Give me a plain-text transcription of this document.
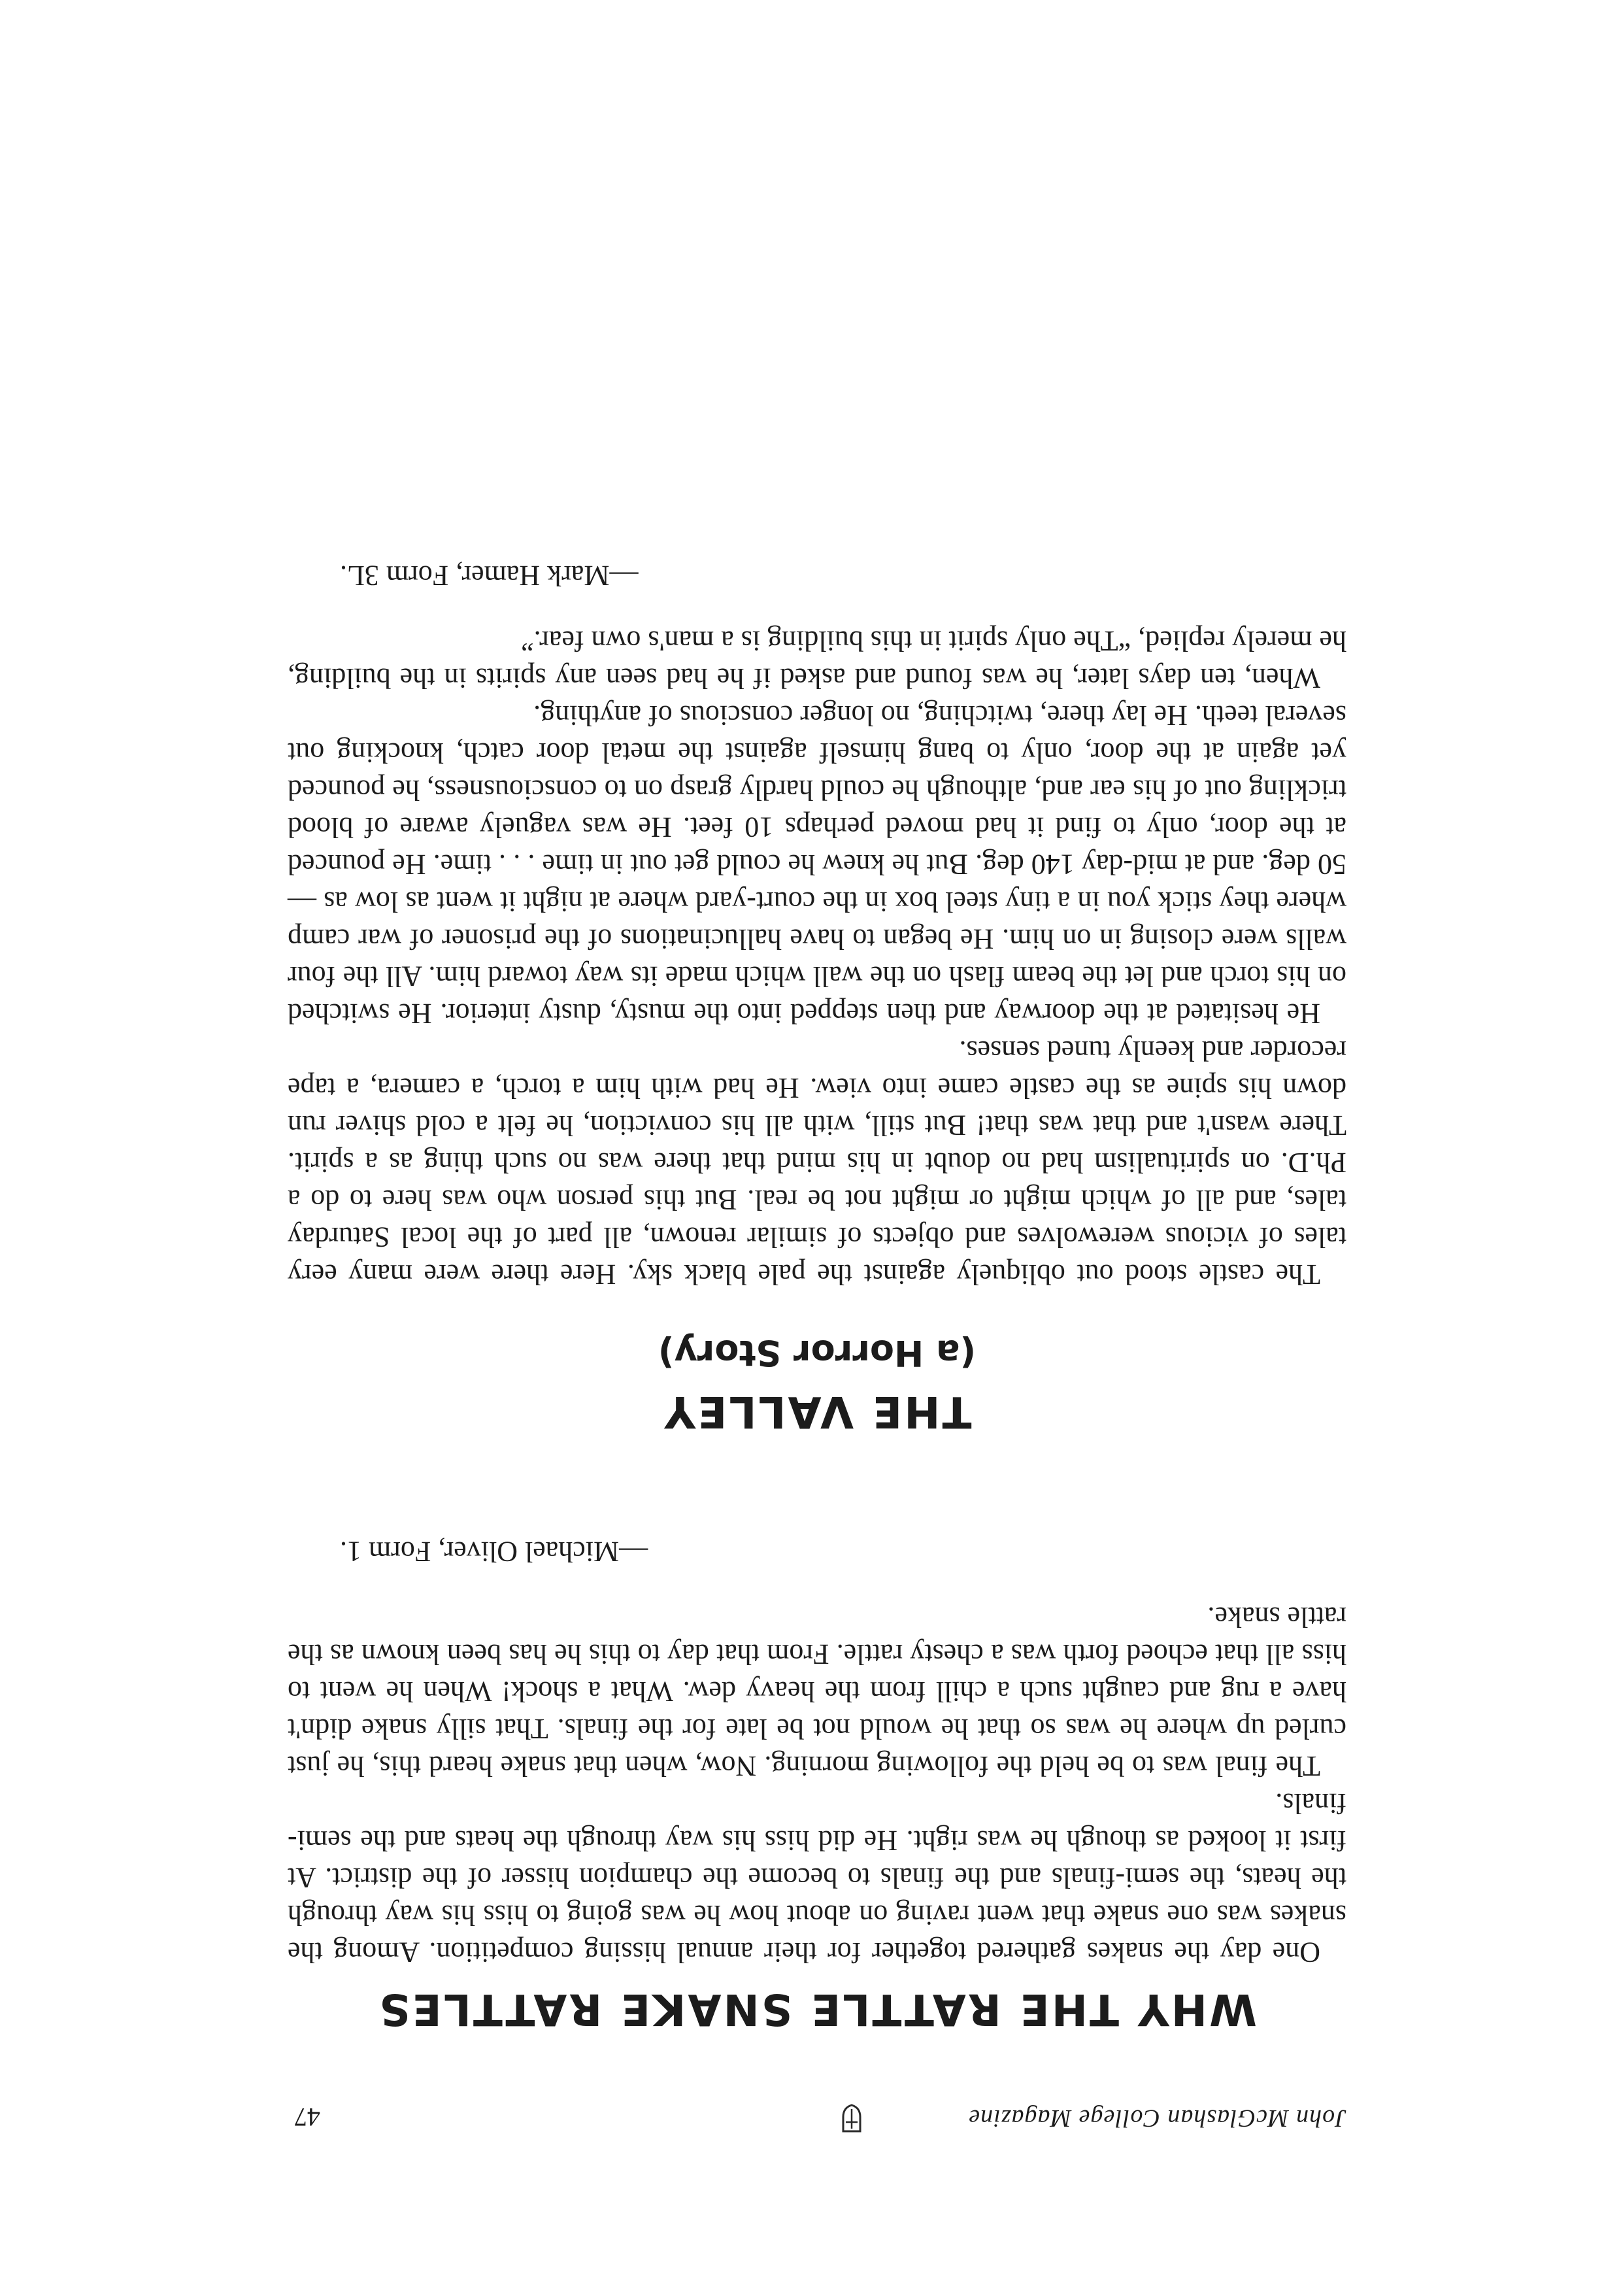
John McGlashan College Magazine
47
WHY THE RATTLE SNAKE RATTLES

One day the snakes gathered together for their annual hissing competition. Among the snakes was one snake that went raving on about how he was going to hiss his way through the heats, the semi-finals and the finals to become the champion hisser of the district. At first it looked as though he was right. He did hiss his way through the heats and the semi-finals.

The final was to be held the following morning. Now, when that snake heard this, he just curled up where he was so that he would not be late for the finals. That silly snake didn't have a rug and caught such a chill from the heavy dew. What a shock! When he went to hiss all that echoed forth was a chesty rattle. From that day to this he has been known as the rattle snake.

—Michael Oliver, Form 1.

THE VALLEY
(a Horror Story)

The castle stood out obliquely against the pale black sky. Here there were many eery tales of vicious werewolves and objects of similar renown, all part of the local Saturday tales, and all of which might or might not be real. But this person who was here to do a Ph.D. on spiritualism had no doubt in his mind that there was no such thing as a spirit. There wasn't and that was that! But still, with all his conviction, he felt a cold shiver run down his spine as the castle came into view. He had with him a torch, a camera, a tape recorder and keenly tuned senses.

He hesitated at the doorway and then stepped into the musty, dusty interior. He switched on his torch and let the beam flash on the wall which made its way toward him. All the four walls were closing in on him. He began to have hallucinations of the prisoner of war camp where they stick you in a tiny steel box in the court-yard where at night it went as low as — 50 deg. and at mid-day 140 deg. But he knew he could get out in time . . . time. He pounced at the door, only to find it had moved perhaps 10 feet. He was vaguely aware of blood trickling out of his ear and, although he could hardly grasp on to consciousness, he pounced yet again at the door, only to bang himself against the metal door catch, knocking out several teeth. He lay there, twitching, no longer conscious of anything.

When, ten days later, he was found and asked if he had seen any spirits in the building, he merely replied, “The only spirit in this building is a man's own fear.”

—Mark Hamer, Form 3L.
